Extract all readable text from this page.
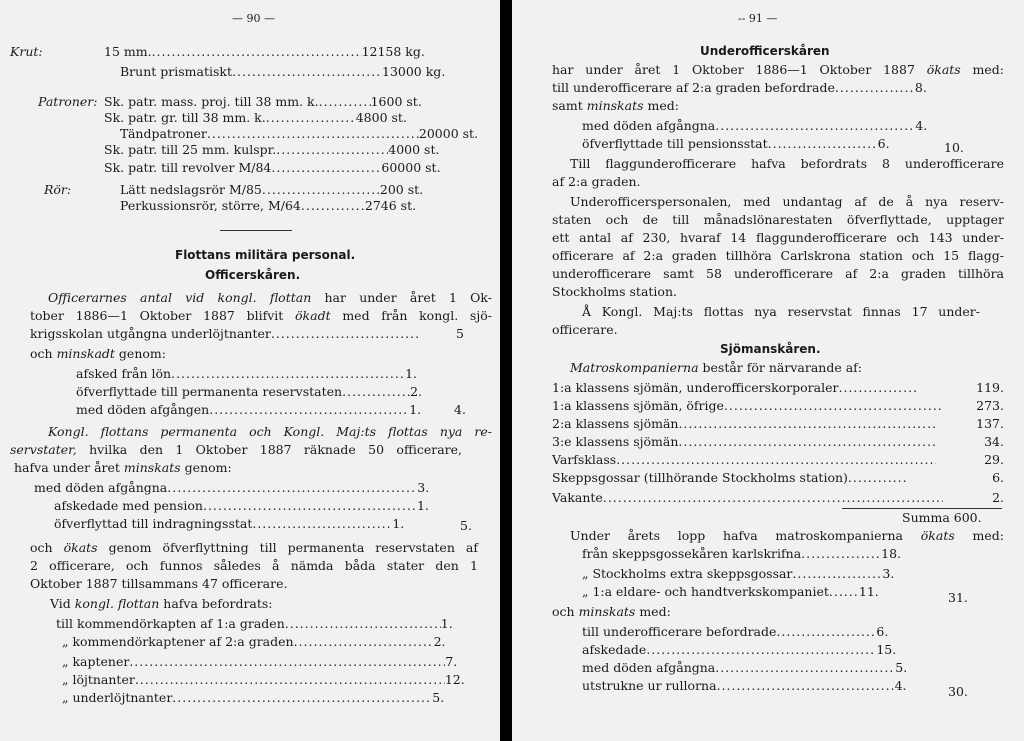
— 90 —
Krut:	15 mm. .....	12158 kg.
Brunt prismatiskt .....	13000 kg.
Patroner: Sk. patr. mass. proj. till 38 mm. k. .....	1600 st.
Sk. patr. gr. till 38 mm. k. .....	4800 st.
Tändpatroner .....	20000 st.
Sk. patr. till 25 mm. kulspr. .....	4000 st.
Sk. patr. till revolver M/84 .....	60000 st.
Rör:	Lätt nedslagsrör M/85 .....	200 st.
Perkussionsrör, större, M/64 .....	2746 st.
Flottans militära personal.
Officerskåren.
Officerarnes antal vid kongl. flottan har under året 1 Ok-
tober 1886—1 Oktober 1887 blifvit ökadt med från kongl. sjö-
krigsskolan utgångna underlöjtnanter .....	5
och minskadt genom:
afsked från lön .....	1.
öfverflyttade till permanenta reservstaten .....	2.
med döden afgången .....	1.	4.
Kongl. flottans permanenta och Kongl. Maj:ts flottas nya re-
servstater, hvilka den 1 Oktober 1887 räknade 50 officerare,
hafva under året minskats genom:
med döden afgångna .....	3.
afskedade med pension .....	1.
öfverflyttad till indragningsstat .....	1.	5.
och ökats genom öfverflyttning till permanenta reservstaten af
2 officerare, och funnos således å nämda båda stater den 1
Oktober 1887 tillsammans 47 officerare.
Vid kongl. flottan hafva befordrats:
till kommendörkapten af 1:a graden .....	1.
„ kommendörkaptener af 2:a graden .....	2.
„ kaptener .....	7.
„ löjtnanter .....	12.
„ underlöjtnanter .....	5.
-- 91 —
Underofficerskåren
har under året 1 Oktober 1886—1 Oktober 1887 ökats med:
till underofficerare af 2:a graden befordrade .....	8.
samt minskats med:
med döden afgångna .....	4.
öfverflyttade till pensionsstat .....	6.	10.
Till flaggunderofficerare hafva befordrats 8 underofficerare
af 2:a graden.
Underofficerspersonalen, med undantag af de å nya reserv-
staten och de till månadslönarestaten öfverflyttade, upptager
ett antal af 230, hvaraf 14 flaggunderofficerare och 143 under-
officerare af 2:a graden tillhöra Carlskrona station och 15 flagg-
underofficerare samt 58 underofficerare af 2:a graden tillhöra
Stockholms station.
Å Kongl. Maj:ts flottas nya reservstat finnas 17 under-
officerare.
Sjömanskåren.
Matroskompanierna består för närvarande af:
1:a klassens sjömän, underofficerskorporaler .....	119.
1:a klassens sjömän, öfrige .....	273.
2:a klassens sjömän .....	137.
3:e klassens sjömän .....	34.
Varfsklass .....	29.
Skeppsgossar (tillhörande Stockholms station) .....	6.
Vakante .....	2.
Summa 600.
Under årets lopp hafva matroskompanierna ökats med:
från skeppsgossekåren karlskrifna .....	18.
„ Stockholms extra skeppsgossar .....	3.
„ 1:a eldare- och handtverkskompaniet ..... 11.	31.
och minskats med:
till underofficerare befordrade .....	6.
afskedade .....	15.
med döden afgångna .....	5.
utstrukne ur rullorna .....	4.	30.
